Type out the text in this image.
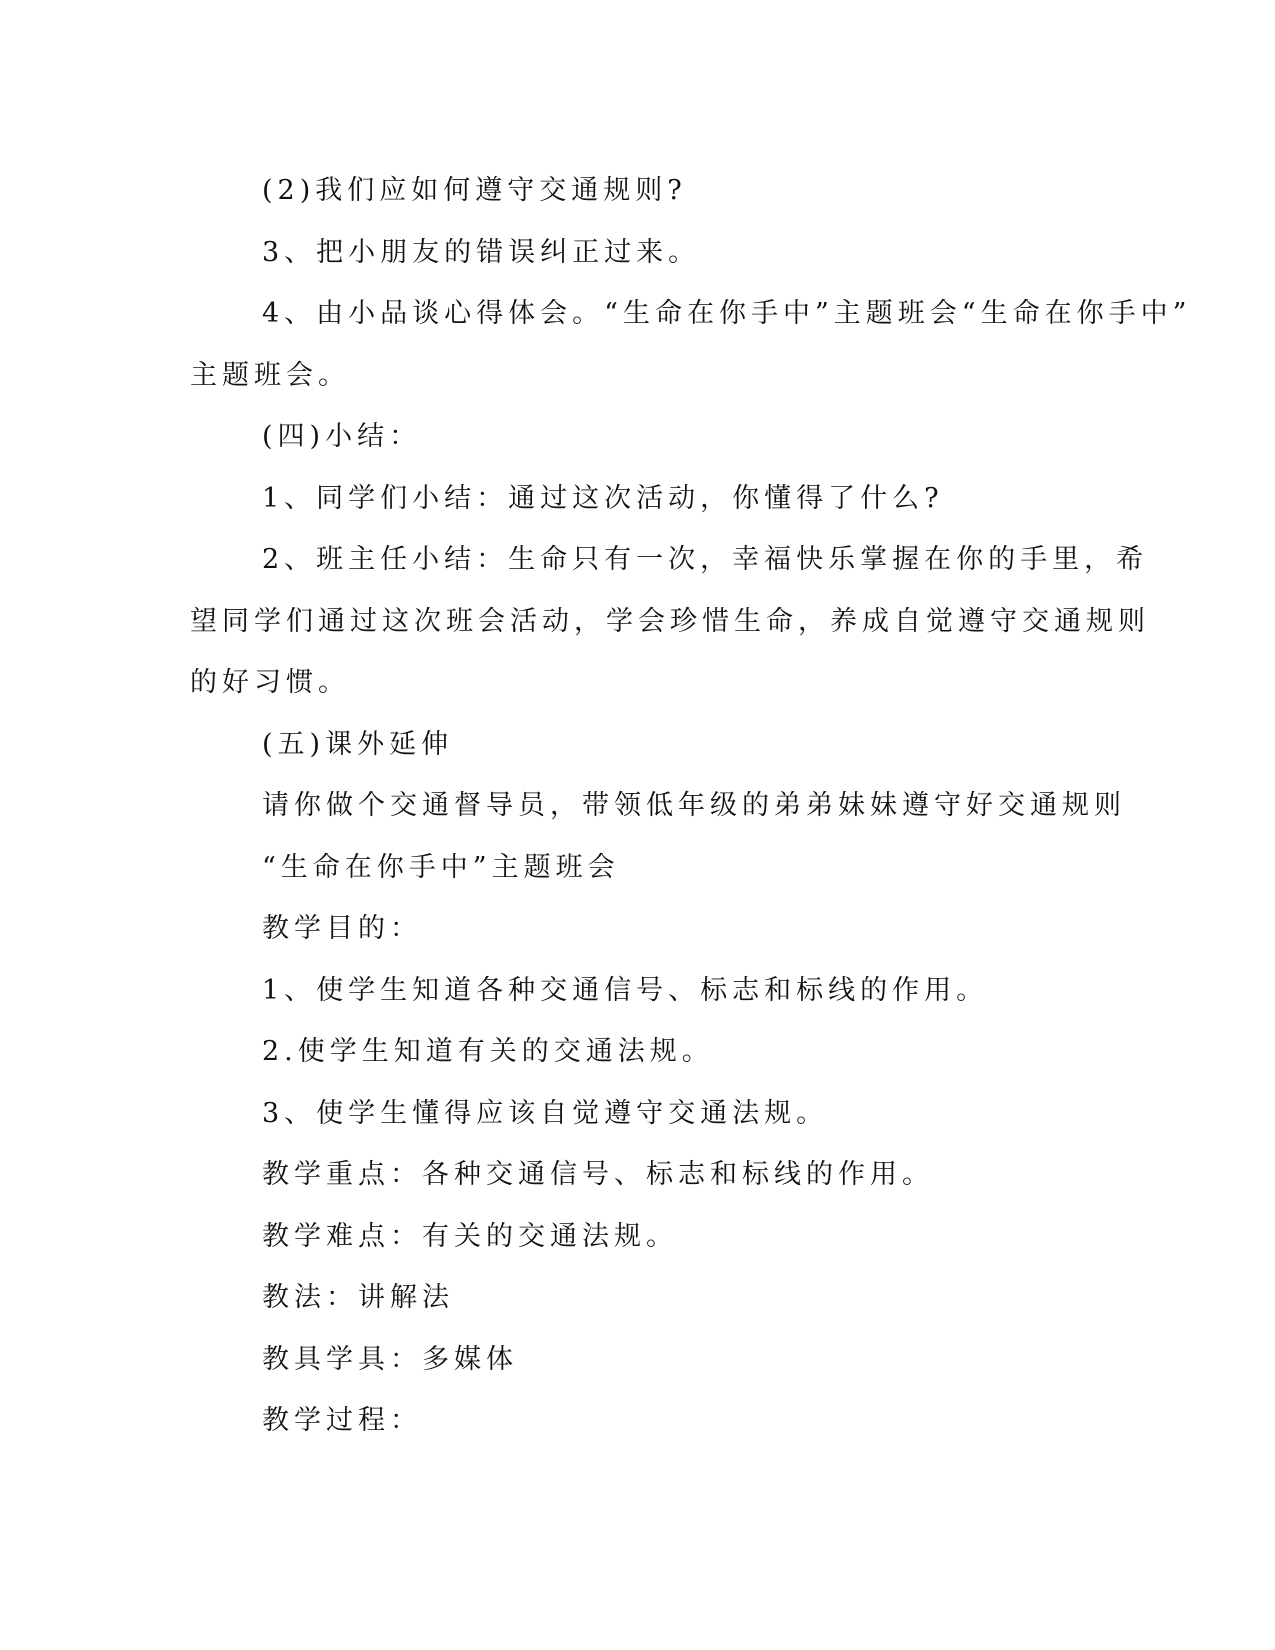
(2)我们应如何遵守交通规则?
3、把小朋友的错误纠正过来。
4、由小品谈心得体会。“生命在你手中”主题班会“生命在你手中”
主题班会。
(四)小结：
1、同学们小结：通过这次活动，你懂得了什么?
2、班主任小结：生命只有一次，幸福快乐掌握在你的手里，希
望同学们通过这次班会活动，学会珍惜生命，养成自觉遵守交通规则
的好习惯。
(五)课外延伸
请你做个交通督导员，带领低年级的弟弟妹妹遵守好交通规则
“生命在你手中”主题班会
教学目的：
1、使学生知道各种交通信号、标志和标线的作用。
2.使学生知道有关的交通法规。
3、使学生懂得应该自觉遵守交通法规。
教学重点：各种交通信号、标志和标线的作用。
教学难点：有关的交通法规。
教法：讲解法
教具学具：多媒体
教学过程：
